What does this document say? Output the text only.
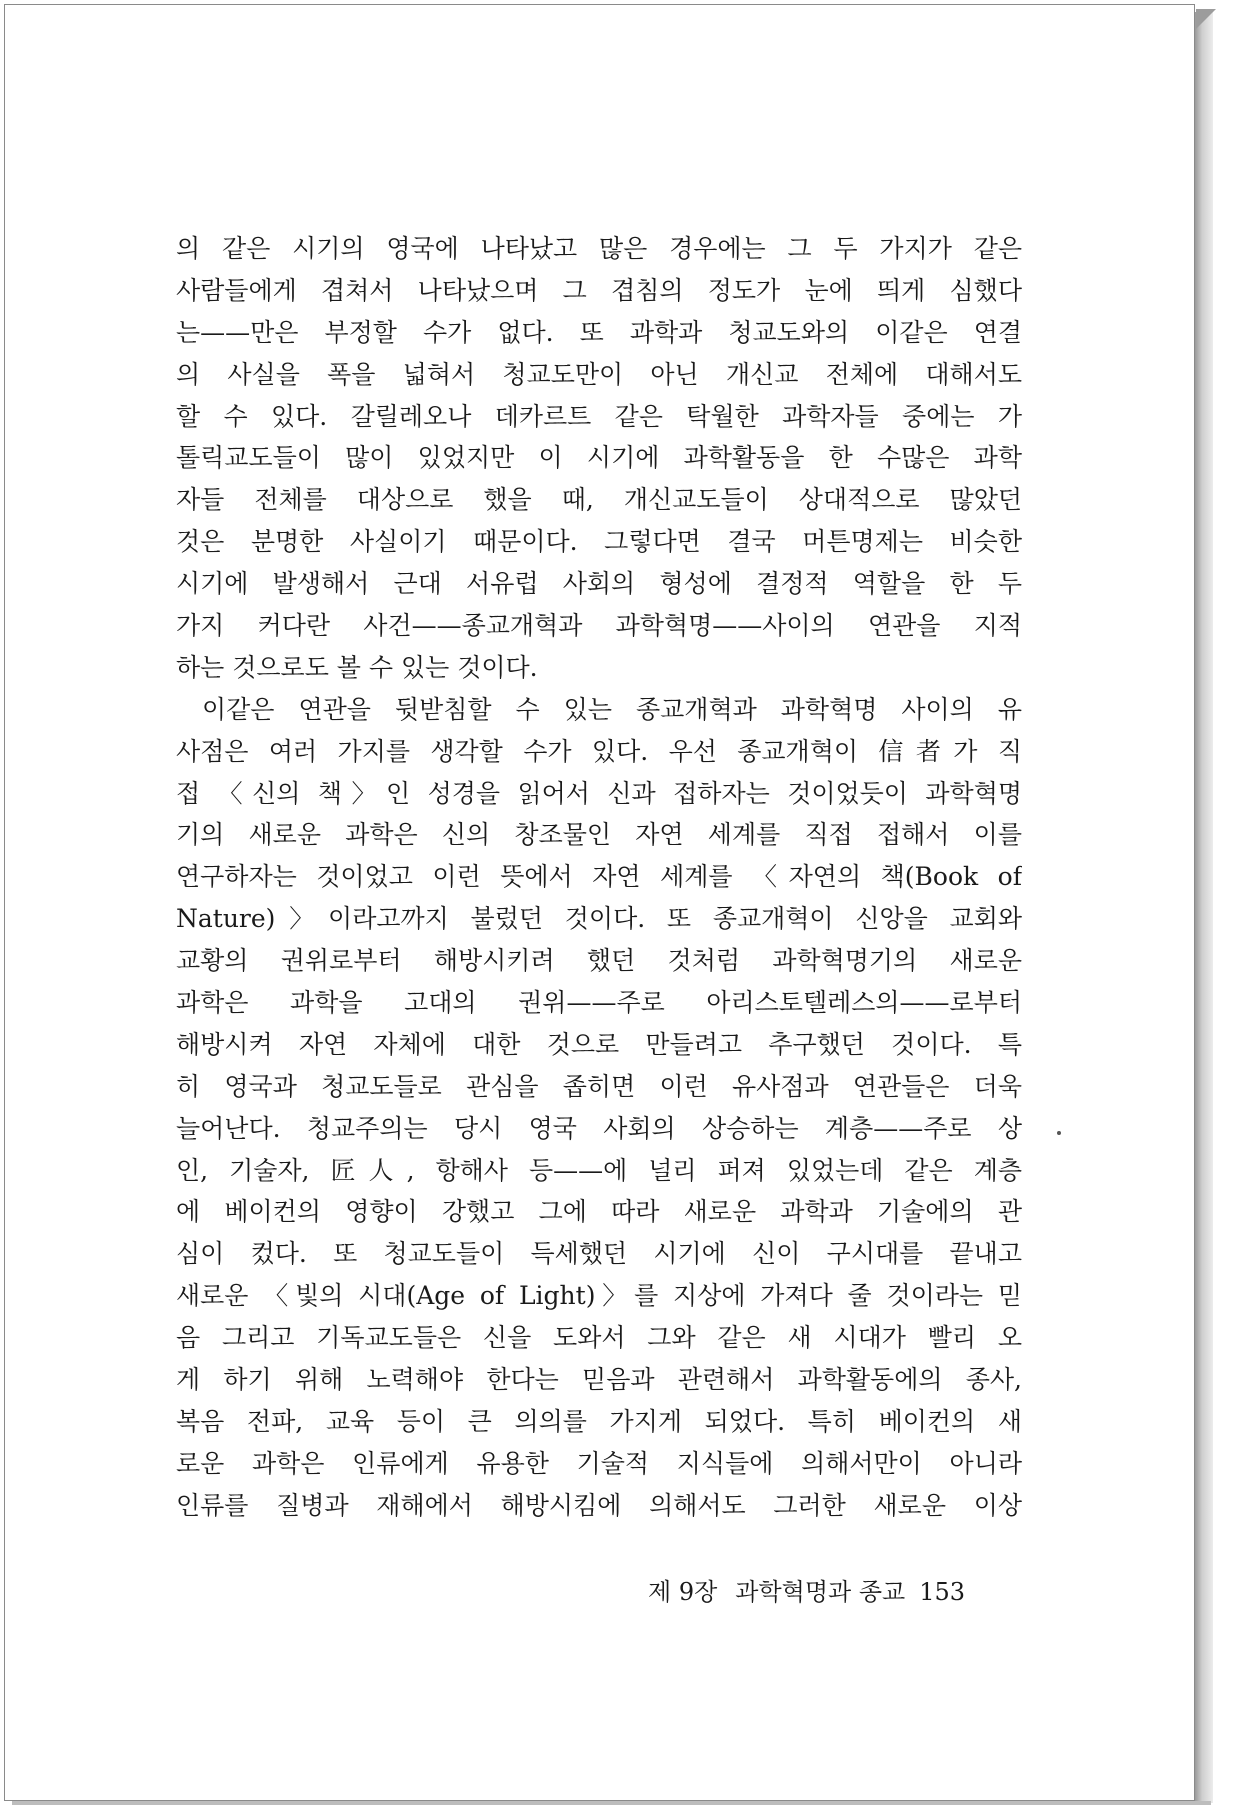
의 같은 시기의 영국에 나타났고 많은 경우에는 그 두 가지가 같은
사람들에게 겹쳐서 나타났으며 그 겹침의 정도가 눈에 띄게 심했다
는——만은 부정할 수가 없다. 또 과학과 청교도와의 이같은 연결
의 사실을 폭을 넓혀서 청교도만이 아닌 개신교 전체에 대해서도
할 수 있다. 갈릴레오나 데카르트 같은 탁월한 과학자들 중에는 가
톨릭교도들이 많이 있었지만 이 시기에 과학활동을 한 수많은 과학
자들 전체를 대상으로 했을 때, 개신교도들이 상대적으로 많았던
것은 분명한 사실이기 때문이다. 그렇다면 결국 머튼명제는 비슷한
시기에 발생해서 근대 서유럽 사회의 형성에 결정적 역할을 한 두
가지 커다란 사건——종교개혁과 과학혁명——사이의 연관을 지적
하는 것으로도 볼 수 있는 것이다.
이같은 연관을 뒷받침할 수 있는 종교개혁과 과학혁명 사이의 유
사점은 여러 가지를 생각할 수가 있다. 우선 종교개혁이 信者가 직
접 〈신의 책〉인 성경을 읽어서 신과 접하자는 것이었듯이 과학혁명
기의 새로운 과학은 신의 창조물인 자연 세계를 직접 접해서 이를
연구하자는 것이었고 이런 뜻에서 자연 세계를 〈자연의 책(Book of
Nature)〉이라고까지 불렀던 것이다. 또 종교개혁이 신앙을 교회와
교황의 권위로부터 해방시키려 했던 것처럼 과학혁명기의 새로운
과학은 과학을 고대의 권위——주로 아리스토텔레스의——로부터
해방시켜 자연 자체에 대한 것으로 만들려고 추구했던 것이다. 특
히 영국과 청교도들로 관심을 좁히면 이런 유사점과 연관들은 더욱
늘어난다. 청교주의는 당시 영국 사회의 상승하는 계층——주로 상
인, 기술자, 匠人, 항해사 등——에 널리 퍼져 있었는데 같은 계층
에 베이컨의 영향이 강했고 그에 따라 새로운 과학과 기술에의 관
심이 컸다. 또 청교도들이 득세했던 시기에 신이 구시대를 끝내고
새로운 〈빛의 시대(Age of Light)〉를 지상에 가져다 줄 것이라는 믿
음 그리고 기독교도들은 신을 도와서 그와 같은 새 시대가 빨리 오
게 하기 위해 노력해야 한다는 믿음과 관련해서 과학활동에의 종사,
복음 전파, 교육 등이 큰 의의를 가지게 되었다. 특히 베이컨의 새
로운 과학은 인류에게 유용한 기술적 지식들에 의해서만이 아니라
인류를 질병과 재해에서 해방시킴에 의해서도 그러한 새로운 이상
제 9장 과학혁명과 종교 153
